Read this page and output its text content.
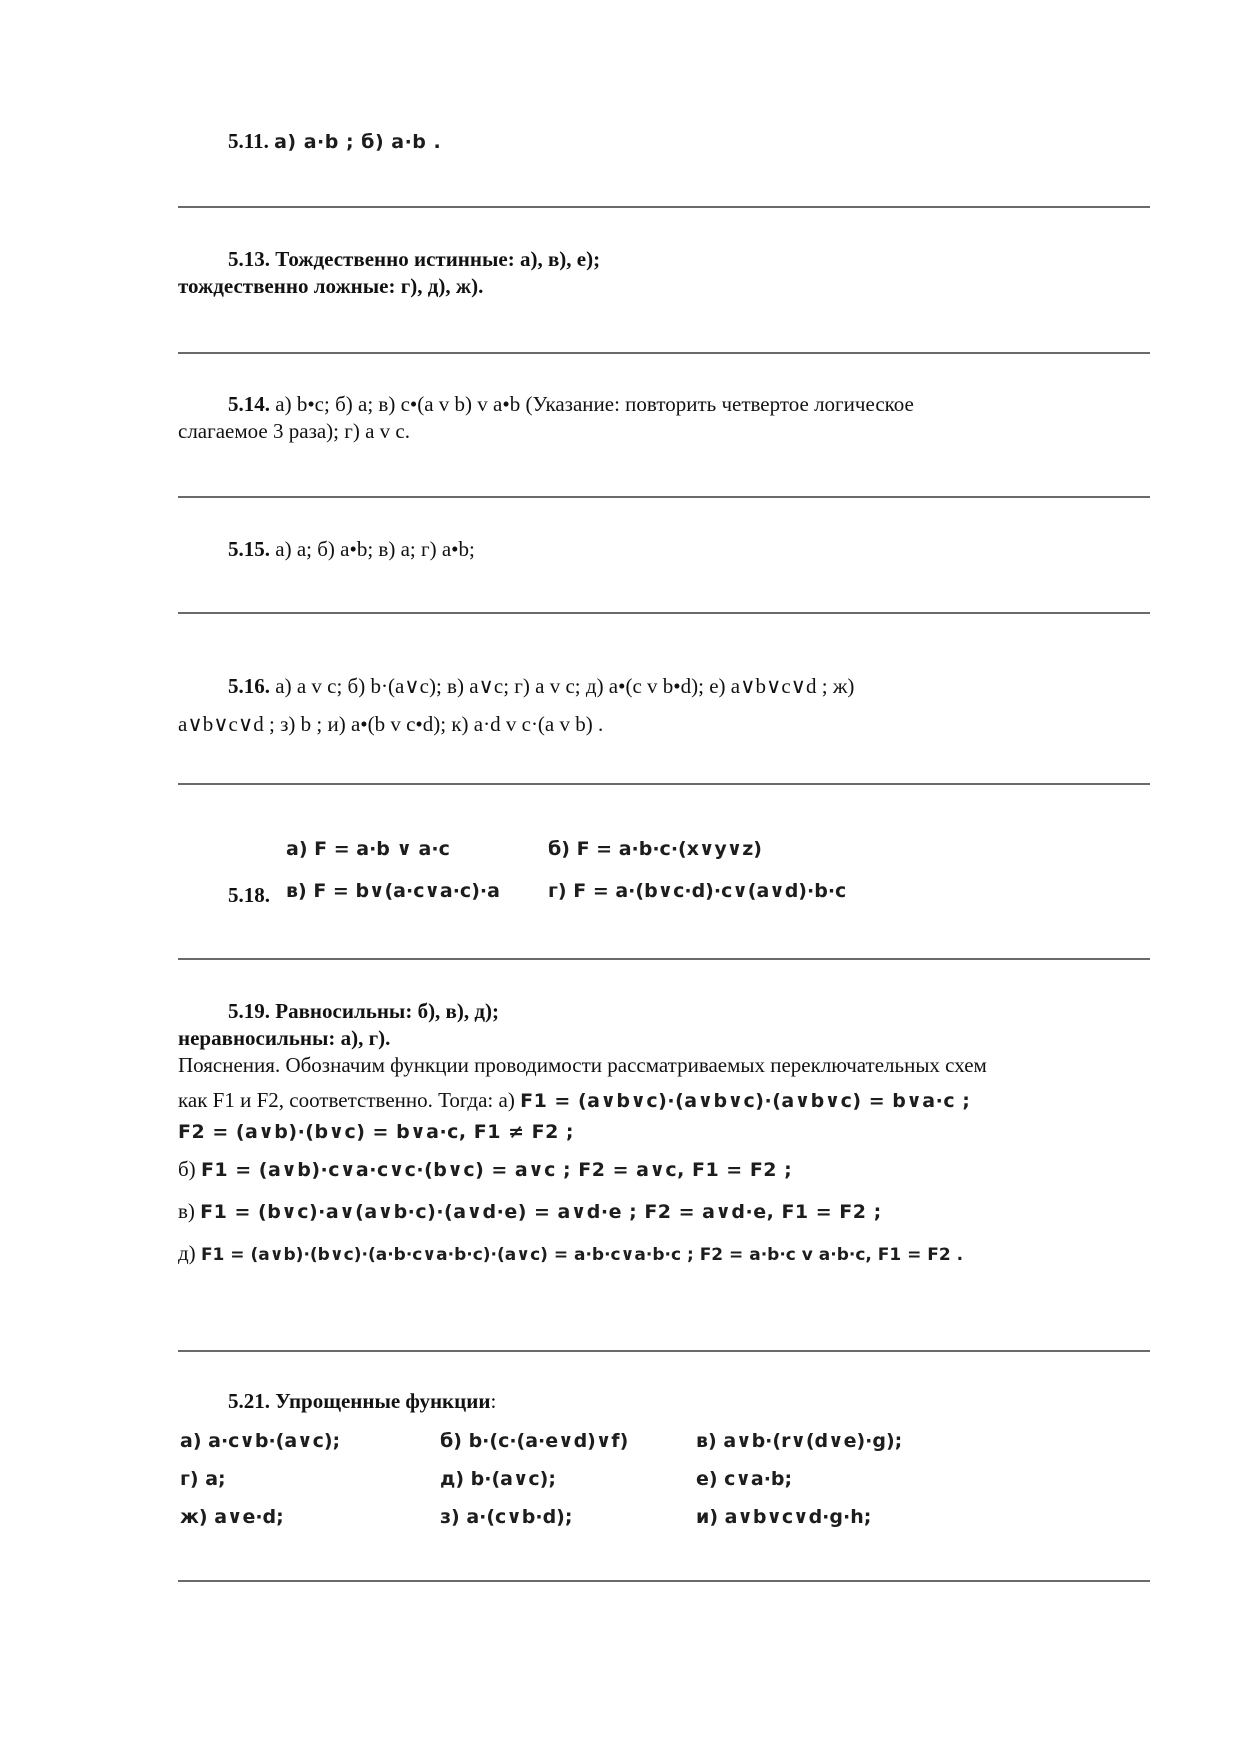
5.11. а) a·b ; б) a·b .
5.13. Тождественно истинные: а), в), е);
тождественно ложные: г), д), ж).
5.14. а) b•c; б) a; в) c•(a v b) v a•b (Указание: повторить четвертое логическое
слагаемое 3 раза); г) a v c.
5.15. а) a; б) a•b; в) a; г) a•b;
5.16. а) a v c; б) b·(a∨c); в) a∨c; г) a v c; д) a•(c v b•d); е) a∨b∨c∨d ; ж)
a∨b∨c∨d ; з) b ; и) a•(b v c•d); к) a·d v c·(a v b) .
а) F = a·b ∨ a·c	б) F = a·b·c·(x∨y∨z)
5.18. в) F = b∨(a·c∨a·c)·a	г) F = a·(b∨c·d)·c∨(a∨d)·b·c
5.19. Равносильны: б), в), д);
неравносильны: а), г).
Пояснения. Обозначим функции проводимости рассматриваемых переключательных схем
как F1 и F2, соответственно. Тогда: а) F1 = (a∨b∨c)·(a∨b∨c)·(a∨b∨c) = b∨a·c ;
F2 = (a∨b)·(b∨c) = b∨a·c, F1 ≠ F2 ;
б) F1 = (a∨b)·c∨a·c∨c·(b∨c) = a∨c ; F2 = a∨c, F1 = F2 ;
в) F1 = (b∨c)·a∨(a∨b·c)·(a∨d·e) = a∨d·e ; F2 = a∨d·e, F1 = F2 ;
д) F1 = (a∨b)·(b∨c)·(a·b·c∨a·b·c)·(a∨c) = a·b·c∨a·b·c ; F2 = a·b·c v a·b·c, F1 = F2 .
5.21. Упрощенные функции:
а) a·c∨b·(a∨c);	б) b·(c·(a·e∨d)∨f)	в) a∨b·(r∨(d∨e)·g);
г) a;	д) b·(a∨c);	е) c∨a·b;
ж) a∨e·d;	з) a·(c∨b·d);	и) a∨b∨c∨d·g·h;
